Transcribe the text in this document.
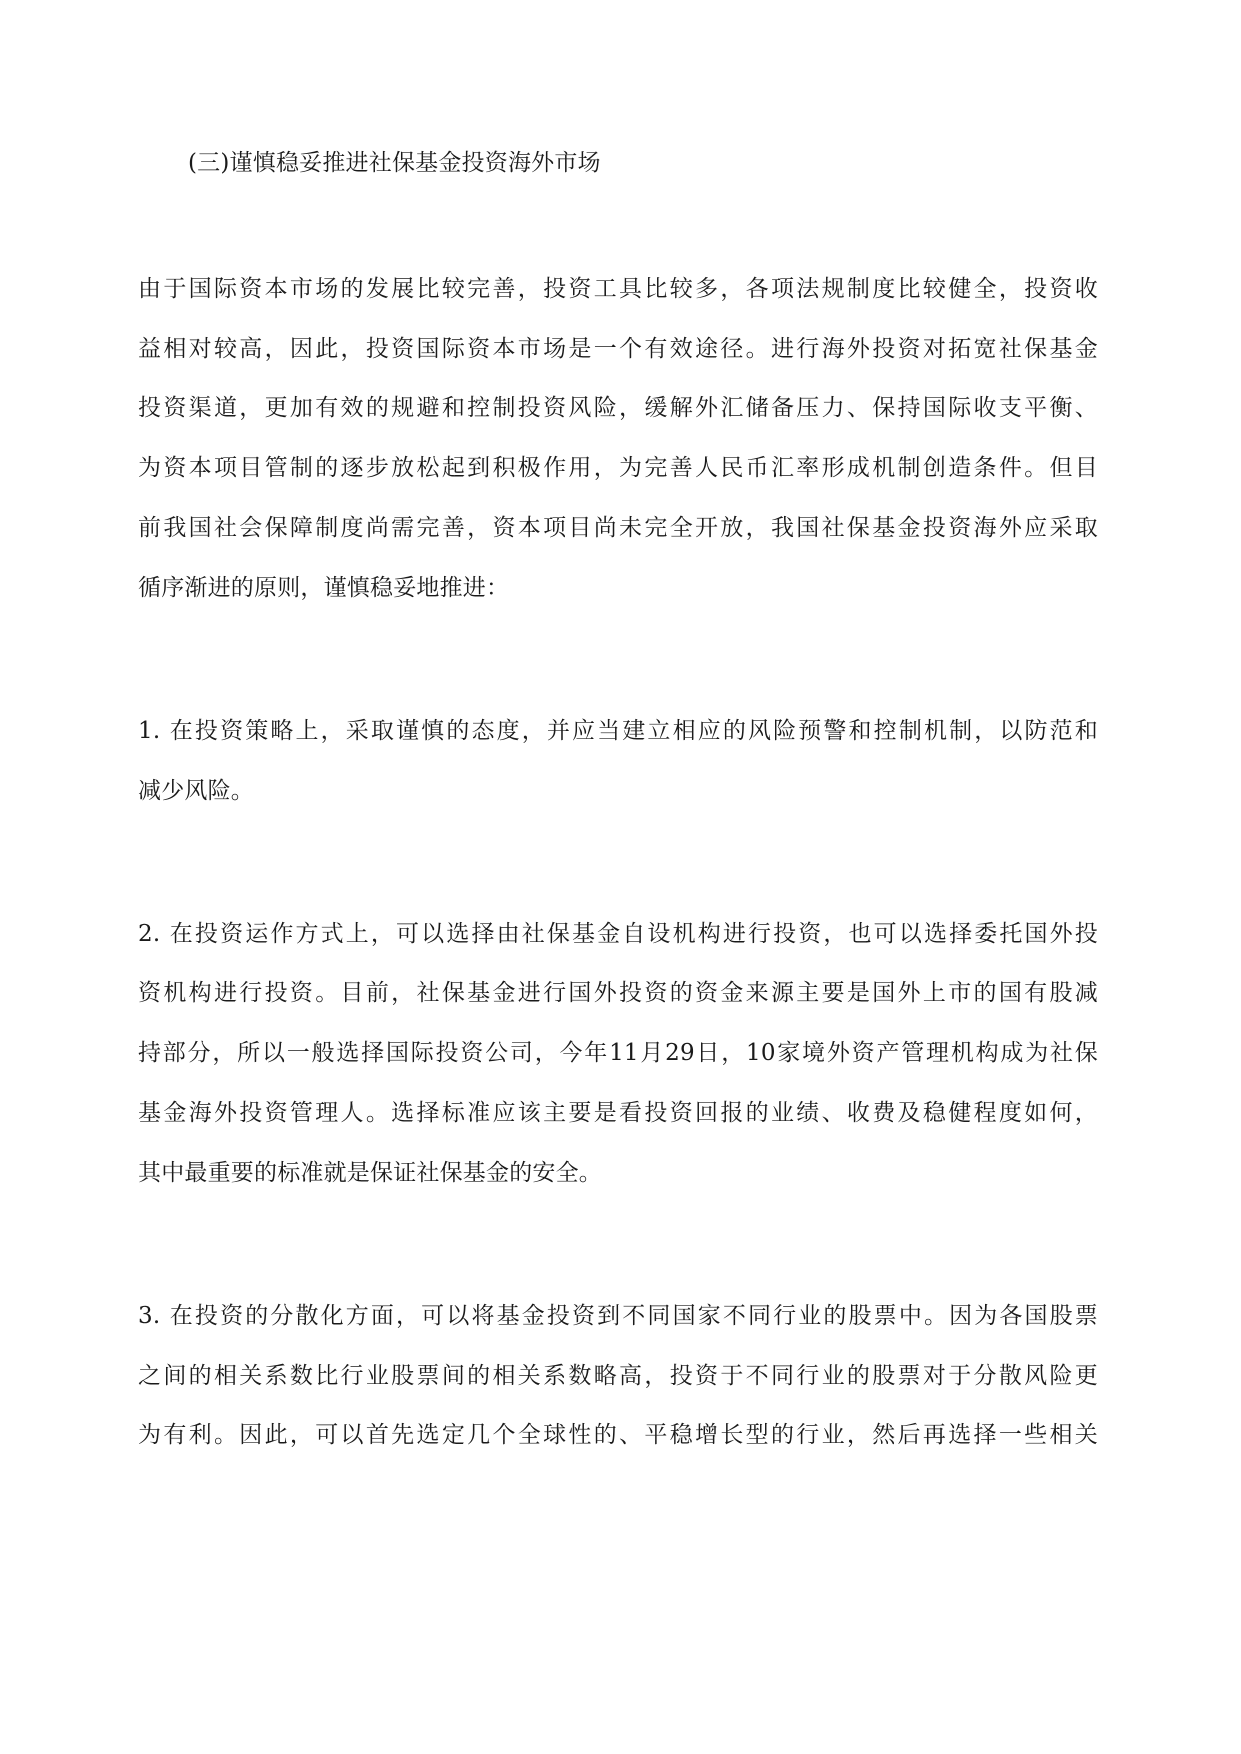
(三)谨慎稳妥推进社保基金投资海外市场
由于国际资本市场的发展比较完善，投资工具比较多，各项法规制度比较健全，投资收
益相对较高，因此，投资国际资本市场是一个有效途径。进行海外投资对拓宽社保基金
投资渠道，更加有效的规避和控制投资风险，缓解外汇储备压力、保持国际收支平衡、
为资本项目管制的逐步放松起到积极作用，为完善人民币汇率形成机制创造条件。但目
前我国社会保障制度尚需完善，资本项目尚未完全开放，我国社保基金投资海外应采取
循序渐进的原则，谨慎稳妥地推进：
1. 在投资策略上，采取谨慎的态度，并应当建立相应的风险预警和控制机制，以防范和
减少风险。
2. 在投资运作方式上，可以选择由社保基金自设机构进行投资，也可以选择委托国外投
资机构进行投资。目前，社保基金进行国外投资的资金来源主要是国外上市的国有股减
持部分，所以一般选择国际投资公司，今年11月29日，10家境外资产管理机构成为社保
基金海外投资管理人。选择标准应该主要是看投资回报的业绩、收费及稳健程度如何，
其中最重要的标准就是保证社保基金的安全。
3. 在投资的分散化方面，可以将基金投资到不同国家不同行业的股票中。因为各国股票
之间的相关系数比行业股票间的相关系数略高，投资于不同行业的股票对于分散风险更
为有利。因此，可以首先选定几个全球性的、平稳增长型的行业，然后再选择一些相关
